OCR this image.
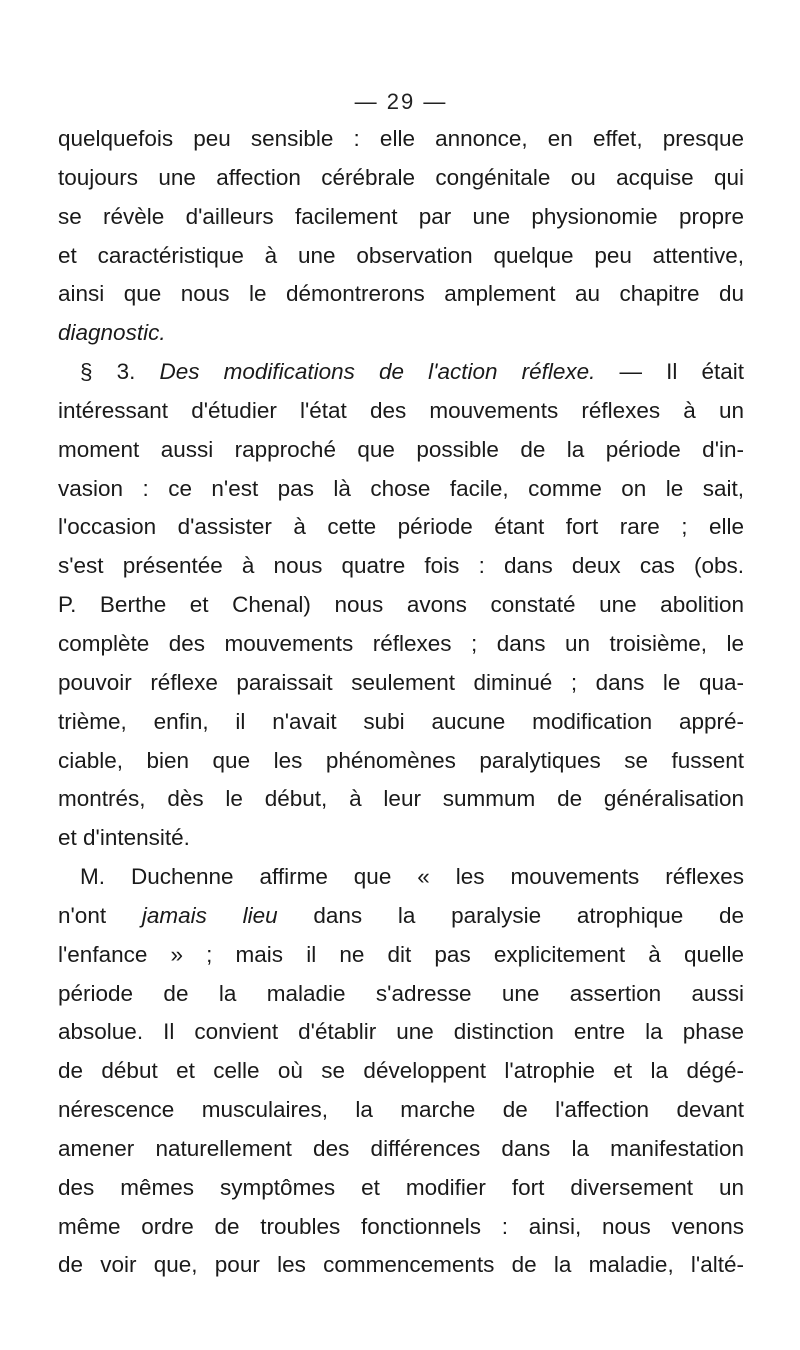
— 29 —
quelquefois peu sensible : elle annonce, en effet, presque
toujours une affection cérébrale congénitale ou acquise qui
se révèle d'ailleurs facilement par une physionomie propre
et caractéristique à une observation quelque peu attentive,
ainsi que nous le démontrerons amplement au chapitre du
diagnostic.
§ 3. Des modifications de l'action réflexe. — Il était
intéressant d'étudier l'état des mouvements réflexes à un
moment aussi rapproché que possible de la période d'in-
vasion : ce n'est pas là chose facile, comme on le sait,
l'occasion d'assister à cette période étant fort rare ; elle
s'est présentée à nous quatre fois : dans deux cas (obs.
P. Berthe et Chenal) nous avons constaté une abolition
complète des mouvements réflexes ; dans un troisième, le
pouvoir réflexe paraissait seulement diminué ; dans le qua-
trième, enfin, il n'avait subi aucune modification appré-
ciable, bien que les phénomènes paralytiques se fussent
montrés, dès le début, à leur summum de généralisation
et d'intensité.
M. Duchenne affirme que « les mouvements réflexes
n'ont jamais lieu dans la paralysie atrophique de
l'enfance » ; mais il ne dit pas explicitement à quelle
période de la maladie s'adresse une assertion aussi
absolue. Il convient d'établir une distinction entre la phase
de début et celle où se développent l'atrophie et la dégé-
nérescence musculaires, la marche de l'affection devant
amener naturellement des différences dans la manifestation
des mêmes symptômes et modifier fort diversement un
même ordre de troubles fonctionnels : ainsi, nous venons
de voir que, pour les commencements de la maladie, l'alté-
